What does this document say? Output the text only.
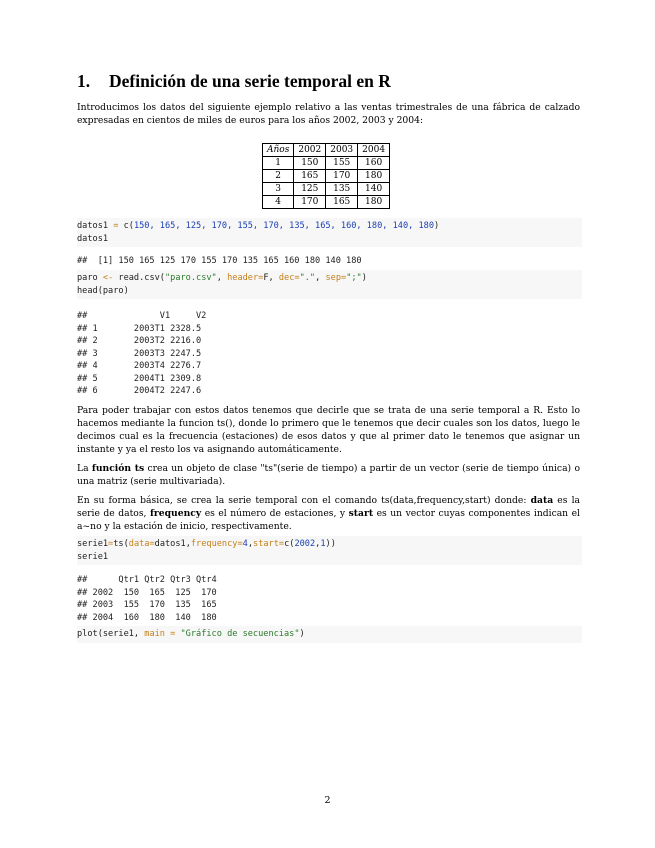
1. Definición de una serie temporal en R
Introducimos los datos del siguiente ejemplo relativo a las ventas trimestrales de una fábrica de calzado expresadas en cientos de miles de euros para los años 2002, 2003 y 2004:
Años	2002	2003	2004
1	150	155	160
2	165	170	180
3	125	135	140
4	170	165	180
datos1 = c(150, 165, 125, 170, 155, 170, 135, 165, 160, 180, 140, 180)
datos1
##  [1] 150 165 125 170 155 170 135 165 160 180 140 180
paro <- read.csv("paro.csv", header=F, dec=".", sep=";")
head(paro)
##              V1     V2
## 1       2003T1 2328.5
## 2       2003T2 2216.0
## 3       2003T3 2247.5
## 4       2003T4 2276.7
## 5       2004T1 2309.8
## 6       2004T2 2247.6
Para poder trabajar con estos datos tenemos que decirle que se trata de una serie temporal a R. Esto lo hacemos mediante la funcion ts(), donde lo primero que le tenemos que decir cuales son los datos, luego le decimos cual es la frecuencia (estaciones) de esos datos y que al primer dato le tenemos que asignar un instante y ya el resto los va asignando automáticamente.
La función ts crea un objeto de clase "ts"(serie de tiempo) a partir de un vector (serie de tiempo única) o una matriz (serie multivariada).
En su forma básica, se crea la serie temporal con el comando ts(data,frequency,start) donde: data es la serie de datos, frequency es el número de estaciones, y start es un vector cuyas componentes indican el a~no y la estación de inicio, respectivamente.
serie1=ts(data=datos1,frequency=4,start=c(2002,1))
serie1
##      Qtr1 Qtr2 Qtr3 Qtr4
## 2002  150  165  125  170
## 2003  155  170  135  165
## 2004  160  180  140  180
plot(serie1, main = "Gráfico de secuencias")
2
